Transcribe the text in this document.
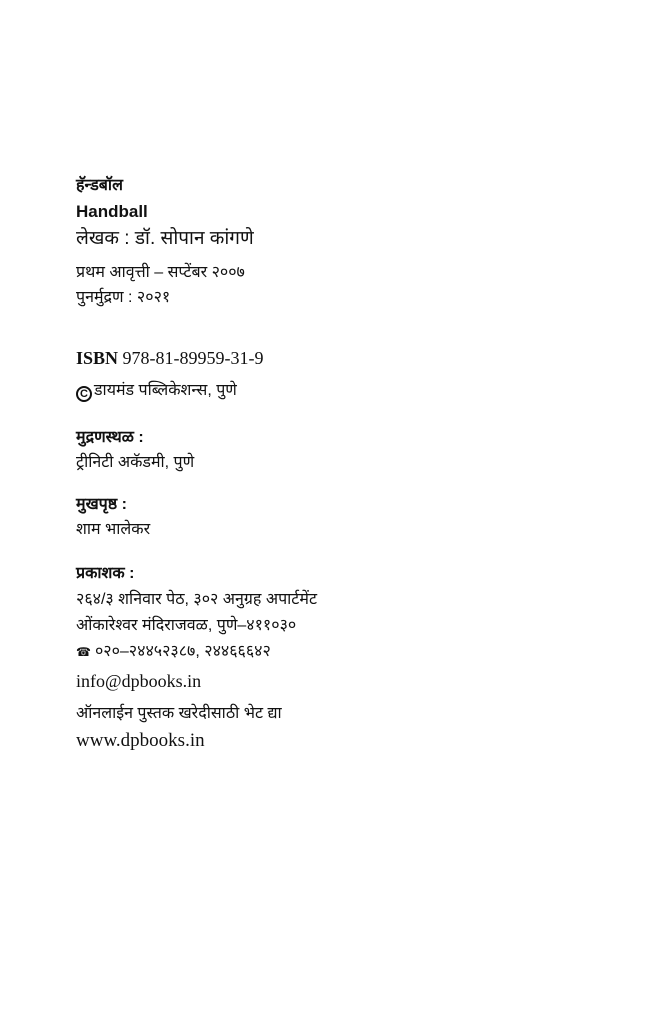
हॅन्डबॉल
Handball
लेखक : डॉ. सोपान कांगणे
प्रथम आवृत्ती – सप्टेंबर २००७
पुनर्मुद्रण : २०२१
ISBN 978-81-89959-31-9
C डायमंड पब्लिकेशन्स, पुणे
मुद्रणस्थळ :
ट्रीनिटी अकॅडमी, पुणे
मुखपृष्ठ :
शाम भालेकर
प्रकाशक :
२६४/३ शनिवार पेठ, ३०२ अनुग्रह अपार्टमेंट
ओंकारेश्वर मंदिराजवळ, पुणे–४११०३०
☎ ०२०–२४४५२३८७, २४४६६६४२
info@dpbooks.in
ऑनलाईन पुस्तक खरेदीसाठी भेट द्या
www.dpbooks.in
